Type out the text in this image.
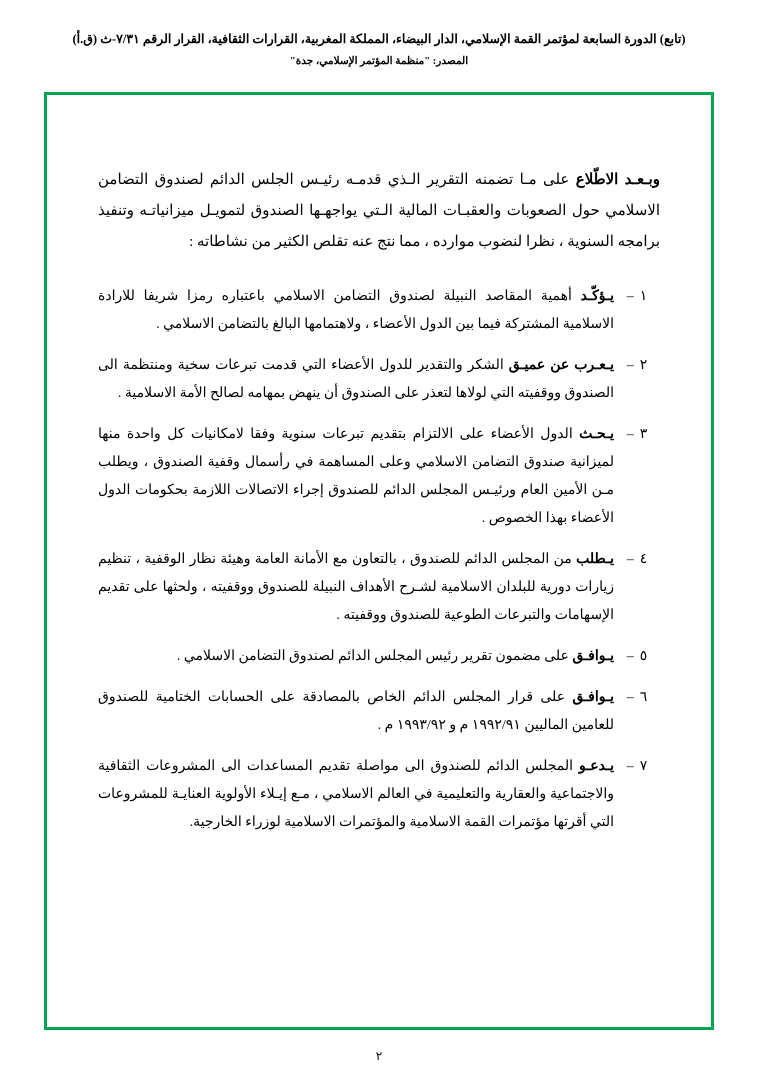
(تابع) الدورة السابعة لمؤتمر القمة الإسلامي، الدار البيضاء، المملكة المغربية، القرارات الثقافية، القرار الرقم ٧/٣١-ث (ق.أ)
المصدر: "منظمة المؤتمر الإسلامي، جدة"

وبـعـد الاطّلاع على مـا تضمنه التقرير الـذي قدمـه رئيـس الجلس الدائم لصندوق التضامن الاسلامي حول الصعوبات والعقبـات المالية الـتي يواجهـها الصندوق لتمويـل ميزانياتـه وتنفيذ برامجه السنوية ، نظرا لنضوب موارده ، مما نتج عنه تقلص الكثير من نشاطاته :

١–
يـؤكّـد أهمية المقاصد النبيلة لصندوق التضامن الاسلامي باعتباره رمزا شريفا للارادة الاسلامية المشتركة فيما بين الدول الأعضاء ، ولاهتمامها البالغ بالتضامن الاسلامي .
٢–
يـعـرب عن عميـق الشكر والتقدير للدول الأعضاء التي قدمت تبرعات سخية ومنتظمة الى الصندوق ووقفيته التي لولاها لتعذر على الصندوق أن ينهض بمهامه لصالح الأمة الاسلامية .
٣–
يـحـث الدول الأعضاء على الالتزام بتقديم تبرعات سنوية وفقا لامكانيات كل واحدة منها لميزانية صندوق التضامن الاسلامي وعلى المساهمة في رأسمال وقفية الصندوق ، ويطلب مـن الأمين العام ورئيـس المجلس الدائم للصندوق إجراء الاتصالات اللازمة بحكومات الدول الأعضاء بهذا الخصوص .
٤–
يـطلب من المجلس الدائم للصندوق ، بالتعاون مع الأمانة العامة وهيئة نظار الوقفية ، تنظيم زيارات دورية للبلدان الاسلامية لشـرح الأهداف النبيلة للصندوق ووقفيته ، ولحثها على تقديم الإسهامات والتبرعات الطوعية للصندوق ووقفيته .
٥–
يـوافـق على مضمون تقرير رئيس المجلس الدائم لصندوق التضامن الاسلامي .
٦–
يـوافـق على قرار المجلس الدائم الخاص بالمصادقة على الحسابات الختامية للصندوق للعامين الماليين ١٩٩٢/٩١ م و ١٩٩٣/٩٢ م .
٧–
يـدعـو المجلس الدائم للصندوق الى مواصلة تقديم المساعدات الى المشروعات الثقافية والاجتماعية والعقارية والتعليمية في العالم الاسلامي ، مـع إيـلاء الأولوية العنايـة للمشروعات التي أقرتها مؤتمرات القمة الاسلامية والمؤتمرات الاسلامية لوزراء الخارجية.
٢
